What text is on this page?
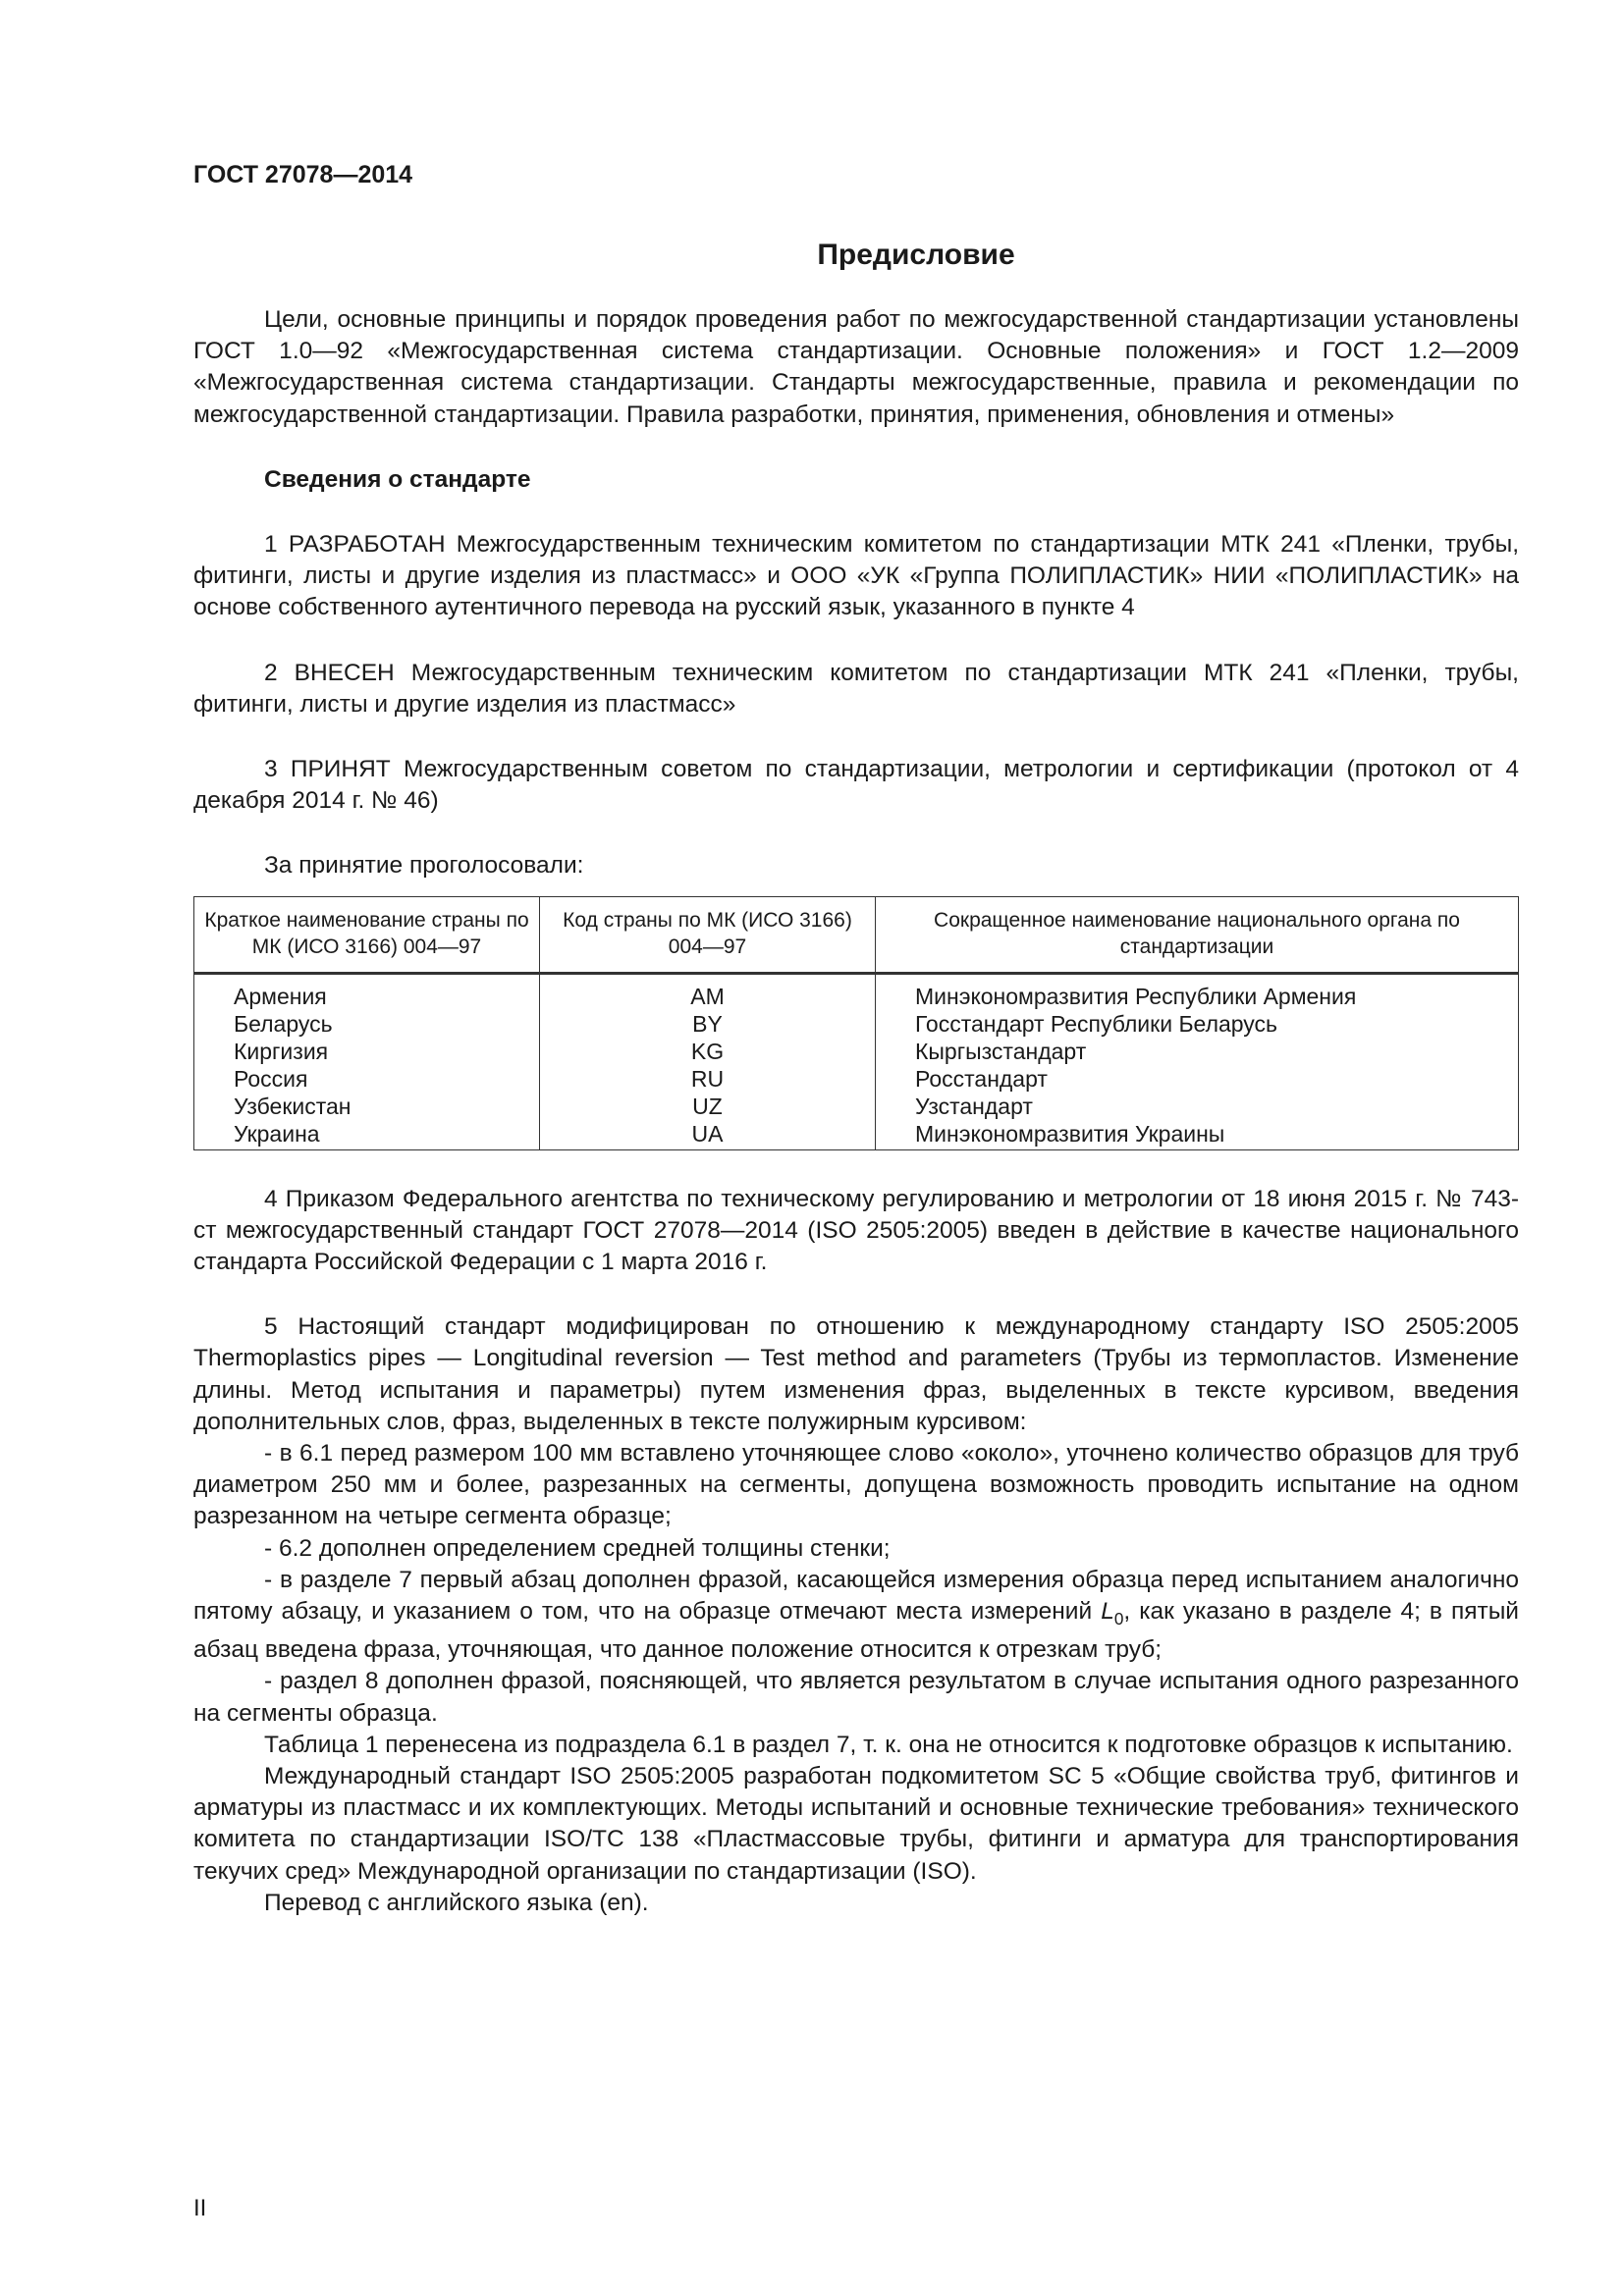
ГОСТ 27078—2014

Предисловие

Цели, основные принципы и порядок проведения работ по межгосударственной стандартизации установлены ГОСТ 1.0—92 «Межгосударственная система стандартизации. Основные положения» и ГОСТ 1.2—2009 «Межгосударственная система стандартизации. Стандарты межгосударственные, правила и рекомендации по межгосударственной стандартизации. Правила разработки, принятия, применения, обновления и отмены»

Сведения о стандарте

1 РАЗРАБОТАН Межгосударственным техническим комитетом по стандартизации МТК 241 «Пленки, трубы, фитинги, листы и другие изделия из пластмасс» и ООО «УК «Группа ПОЛИПЛАСТИК» НИИ «ПОЛИПЛАСТИК» на основе собственного аутентичного перевода на русский язык, указанного в пункте 4

2 ВНЕСЕН Межгосударственным техническим комитетом по стандартизации МТК 241 «Пленки, трубы, фитинги, листы и другие изделия из пластмасс»

3 ПРИНЯТ Межгосударственным советом по стандартизации, метрологии и сертификации (протокол от 4 декабря 2014 г. № 46)

За принятие проголосовали:

Краткое наименование страны по МК (ИСО 3166) 004—97	Код страны по МК (ИСО 3166) 004—97	Сокращенное наименование национального органа по стандартизации
Армения	AM	Минэкономразвития Республики Армения
Беларусь	BY	Госстандарт Республики Беларусь
Киргизия	KG	Кыргызстандарт
Россия	RU	Росстандарт
Узбекистан	UZ	Узстандарт
Украина	UA	Минэкономразвития Украины

4 Приказом Федерального агентства по техническому регулированию и метрологии от 18 июня 2015 г. № 743-ст межгосударственный стандарт ГОСТ 27078—2014 (ISO 2505:2005) введен в действие в качестве национального стандарта Российской Федерации с 1 марта 2016 г.

5 Настоящий стандарт модифицирован по отношению к международному стандарту ISO 2505:2005 Thermoplastics pipes — Longitudinal reversion — Test method and parameters (Трубы из термопластов. Изменение длины. Метод испытания и параметры) путем изменения фраз, выделенных в тексте курсивом, введения дополнительных слов, фраз, выделенных в тексте полужирным курсивом:

- в 6.1 перед размером 100 мм вставлено уточняющее слово «около», уточнено количество образцов для труб диаметром 250 мм и более, разрезанных на сегменты, допущена возможность проводить испытание на одном разрезанном на четыре сегмента образце;

- 6.2 дополнен определением средней толщины стенки;

- в разделе 7 первый абзац дополнен фразой, касающейся измерения образца перед испытанием аналогично пятому абзацу, и указанием о том, что на образце отмечают места измерений $L_0$, как указано в разделе 4; в пятый абзац введена фраза, уточняющая, что данное положение относится к отрезкам труб;

- раздел 8 дополнен фразой, поясняющей, что является результатом в случае испытания одного разрезанного на сегменты образца.

Таблица 1 перенесена из подраздела 6.1 в раздел 7, т. к. она не относится к подготовке образцов к испытанию.

Международный стандарт ISO 2505:2005 разработан подкомитетом SC 5 «Общие свойства труб, фитингов и арматуры из пластмасс и их комплектующих. Методы испытаний и основные технические требования» технического комитета по стандартизации ISO/TC 138 «Пластмассовые трубы, фитинги и арматура для транспортирования текучих сред» Международной организации по стандартизации (ISO).

Перевод с английского языка (en).

II
